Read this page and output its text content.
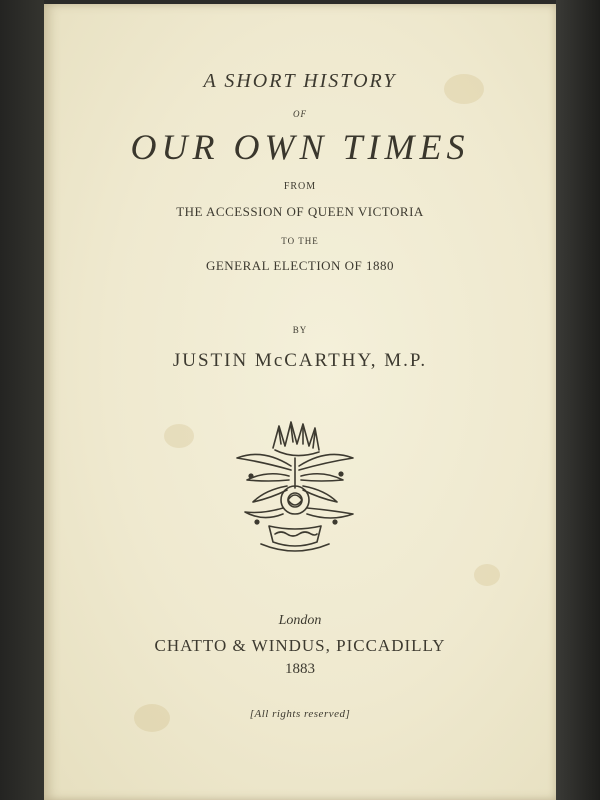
A SHORT HISTORY
OF
OUR OWN TIMES
FROM
THE ACCESSION OF QUEEN VICTORIA
TO THE
GENERAL ELECTION OF 1880
BY
JUSTIN McCARTHY, M.P.
London
CHATTO & WINDUS, PICCADILLY
1883
[All rights reserved]
